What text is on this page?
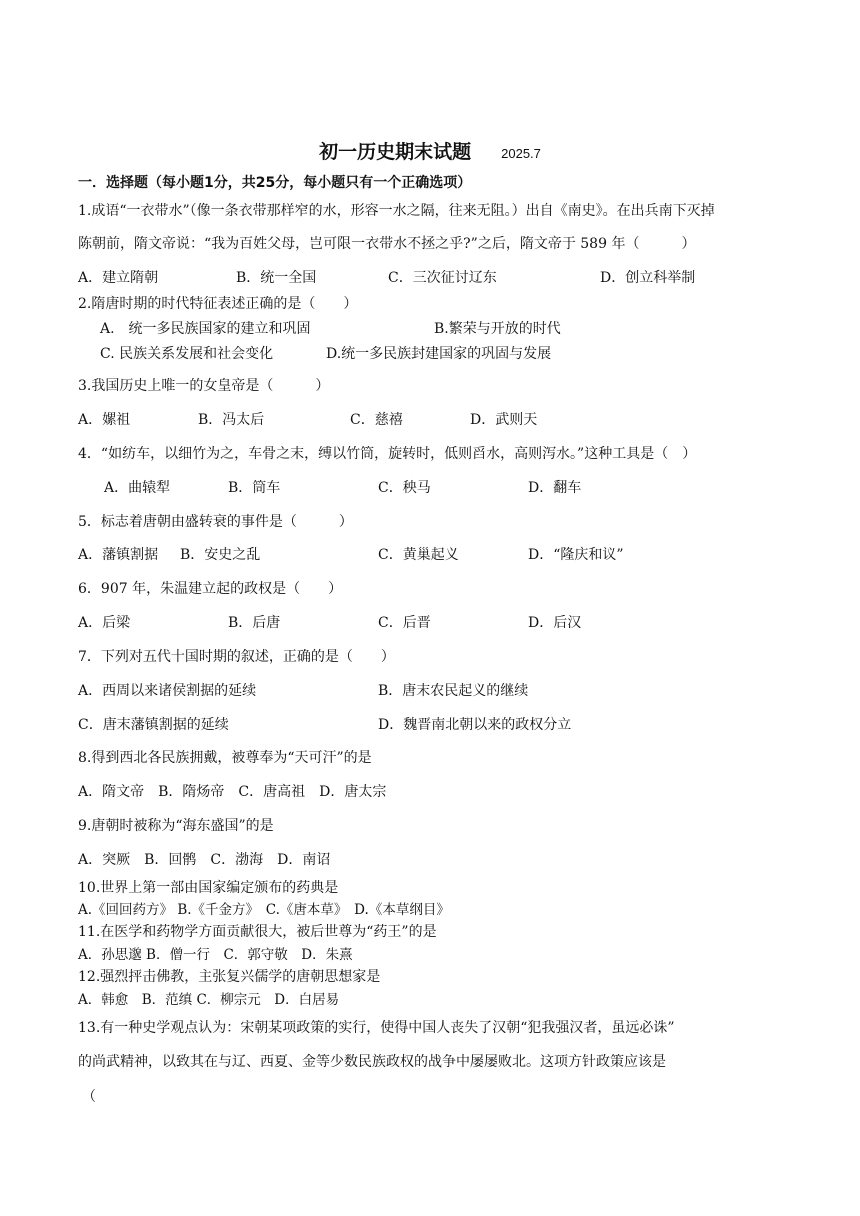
初一历史期末试题 2025.7
一．选择题（每小题1分，共25分，每小题只有一个正确选项）
1.成语“一衣带水”（像一条衣带那样窄的水，形容一水之隔，往来无阻。）出自《南史》。在出兵南下灭掉
陈朝前，隋文帝说：“我为百姓父母，岂可限一衣带水不拯之乎?”之后，隋文帝于 589 年（　　　）
A．建立隋朝	B．统一全国	C．三次征讨辽东	D．创立科举制
2.隋唐时期的时代特征表述正确的是（　　）
A.　统一多民族国家的建立和巩固	B.繁荣与开放的时代
C. 民族关系发展和社会变化	D.统一多民族封建国家的巩固与发展
3.我国历史上唯一的女皇帝是（　　　）
A．嫘祖	B．冯太后	C．慈禧	D．武则天
4．“如纺车，以细竹为之，车骨之末，缚以竹筒，旋转时，低则舀水，高则泻水。”这种工具是（　）
A．曲辕犁	B．筒车	C．秧马	D．翻车
5．标志着唐朝由盛转衰的事件是（　　　）
A．藩镇割据 B．安史之乱	C．黄巢起义	D．“隆庆和议”
6．907 年，朱温建立起的政权是（　　）
A．后梁	B．后唐	C．后晋	D．后汉
7．下列对五代十国时期的叙述，正确的是（　　）
A．西周以来诸侯割据的延续	B．唐末农民起义的继续
C．唐末藩镇割据的延续	D．魏晋南北朝以来的政权分立
8.得到西北各民族拥戴，被尊奉为“天可汗”的是
A．隋文帝　B．隋炀帝　C．唐高祖　D．唐太宗
9.唐朝时被称为“海东盛国”的是
A．突厥　B．回鹘　C．渤海　D．南诏
10.世界上第一部由国家编定颁布的药典是
A.《回回药方》 B.《千金方》　C.《唐本草》　D.《本草纲目》
11.在医学和药物学方面贡献很大，被后世尊为“药王”的是
A．孙思邈 B．僧一行　C．郭守敬　D．朱熹
12.强烈抨击佛教，主张复兴儒学的唐朝思想家是
A．韩愈　B．范缜 C．柳宗元　D．白居易
13.有一种史学观点认为：宋朝某项政策的实行，使得中国人丧失了汉朝“犯我强汉者，虽远必诛”
的尚武精神，以致其在与辽、西夏、金等少数民族政权的战争中屡屡败北。这项方针政策应该是
（
